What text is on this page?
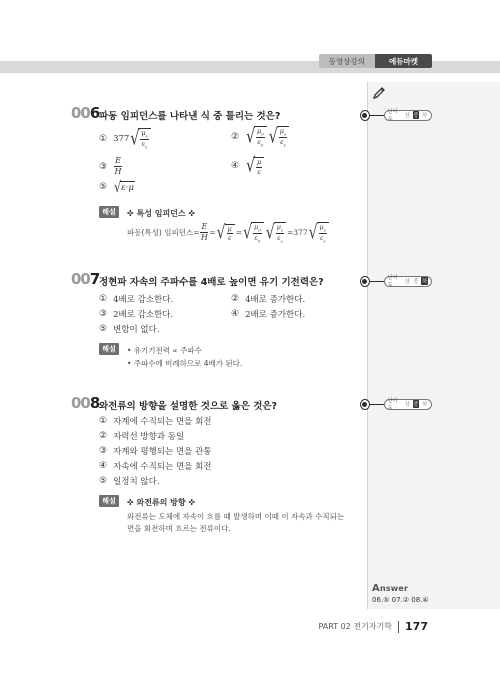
동영상강의	에듀마켓
난이도	상 중 하
난이도	상 중 하
난이도	상 중 하
006 파동 임피던스를 나타낸 식 중 틀리는 것은?
① 377 √ $\frac{\mu_s}{\varepsilon_s}$	② √ $\frac{\mu_0}{\varepsilon_0}$ √ $\frac{\mu_s}{\varepsilon_s}$
③ $\frac{E}{H}$	④ √ $\frac{\mu}{\varepsilon}$
⑤ √ ε·μ
해설	✜ 특성 임피던스 ✜
파동(특성) 임피던스= $\frac{E}{H}$ = √ $\frac{\mu}{\varepsilon}$ = √ $\frac{\mu_0}{\varepsilon_0}$ √ $\frac{\mu_s}{\varepsilon_s} =377$ √ $\frac{\mu_s}{\varepsilon_s}$
007 정현파 자속의 주파수를 4배로 높이면 유기 기전력은?
① 4배로 감소한다.	② 4배로 증가한다.
③ 2배로 감소한다.	④ 2배로 증가한다.
⑤ 변함이 없다.
해설	• 유기기전력 ∝ 주파수
• 주파수에 비례하므로 4배가 된다.
008 와전류의 방향을 설명한 것으로 옳은 것은?
① 자계에 수직되는 면을 회전
② 자력선 방향과 동일
③ 자계와 평행되는 면을 관통
④ 자속에 수직되는 면을 회전
⑤ 일정치 않다.
해설	✜ 와전류의 방향 ✜
와전류는 도체에 자속이 흐를 때 발생하며 이때 이 자속과 수직되는
면을 회전하며 흐르는 전류이다.
Answer
06.⑤ 07.② 08.④
PART 02 전기자기학 177
